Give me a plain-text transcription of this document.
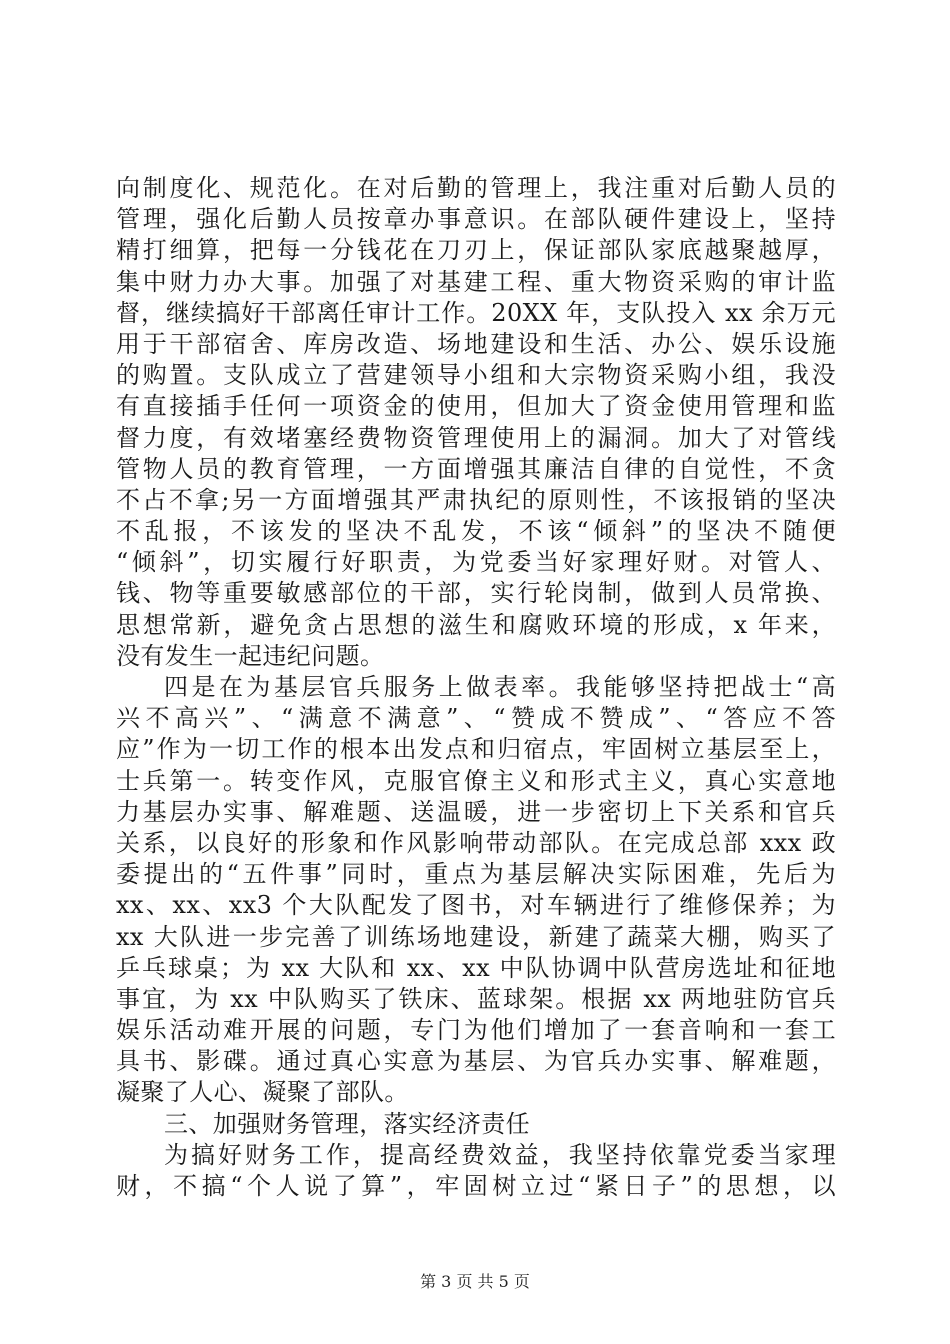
向制度化、规范化。在对后勤的管理上，我注重对后勤人员的
管理，强化后勤人员按章办事意识。在部队硬件建设上，坚持
精打细算，把每一分钱花在刀刃上，保证部队家底越聚越厚，
集中财力办大事。加强了对基建工程、重大物资采购的审计监
督，继续搞好干部离任审计工作。20XX 年，支队投入 xx 余万元
用于干部宿舍、库房改造、场地建设和生活、办公、娱乐设施
的购置。支队成立了营建领导小组和大宗物资采购小组，我没
有直接插手任何一项资金的使用，但加大了资金使用管理和监
督力度，有效堵塞经费物资管理使用上的漏洞。加大了对管线
管物人员的教育管理，一方面增强其廉洁自律的自觉性，不贪
不占不拿;另一方面增强其严肃执纪的原则性，不该报销的坚决
不乱报，不该发的坚决不乱发，不该“倾斜”的坚决不随便
“倾斜”，切实履行好职责，为党委当好家理好财。对管人、
钱、物等重要敏感部位的干部，实行轮岗制，做到人员常换、
思想常新，避免贪占思想的滋生和腐败环境的形成，x 年来，
没有发生一起违纪问题。
四是在为基层官兵服务上做表率。我能够坚持把战士“高
兴不高兴”、“满意不满意”、“赞成不赞成”、“答应不答
应”作为一切工作的根本出发点和归宿点，牢固树立基层至上，
士兵第一。转变作风，克服官僚主义和形式主义，真心实意地
力基层办实事、解难题、送温暖，进一步密切上下关系和官兵
关系，以良好的形象和作风影响带动部队。在完成总部 xxx 政
委提出的“五件事”同时，重点为基层解决实际困难，先后为
xx、xx、xx3 个大队配发了图书，对车辆进行了维修保养；为
xx 大队进一步完善了训练场地建设，新建了蔬菜大棚，购买了
乒乓球桌；为 xx 大队和 xx、xx 中队协调中队营房选址和征地
事宜，为 xx 中队购买了铁床、蓝球架。根据 xx 两地驻防官兵
娱乐活动难开展的问题，专门为他们增加了一套音响和一套工
具书、影碟。通过真心实意为基层、为官兵办实事、解难题，
凝聚了人心、凝聚了部队。
三、加强财务管理，落实经济责任
为搞好财务工作，提高经费效益，我坚持依靠党委当家理
财，不搞“个人说了算”，牢固树立过“紧日子”的思想，以
第 3 页 共 5 页
